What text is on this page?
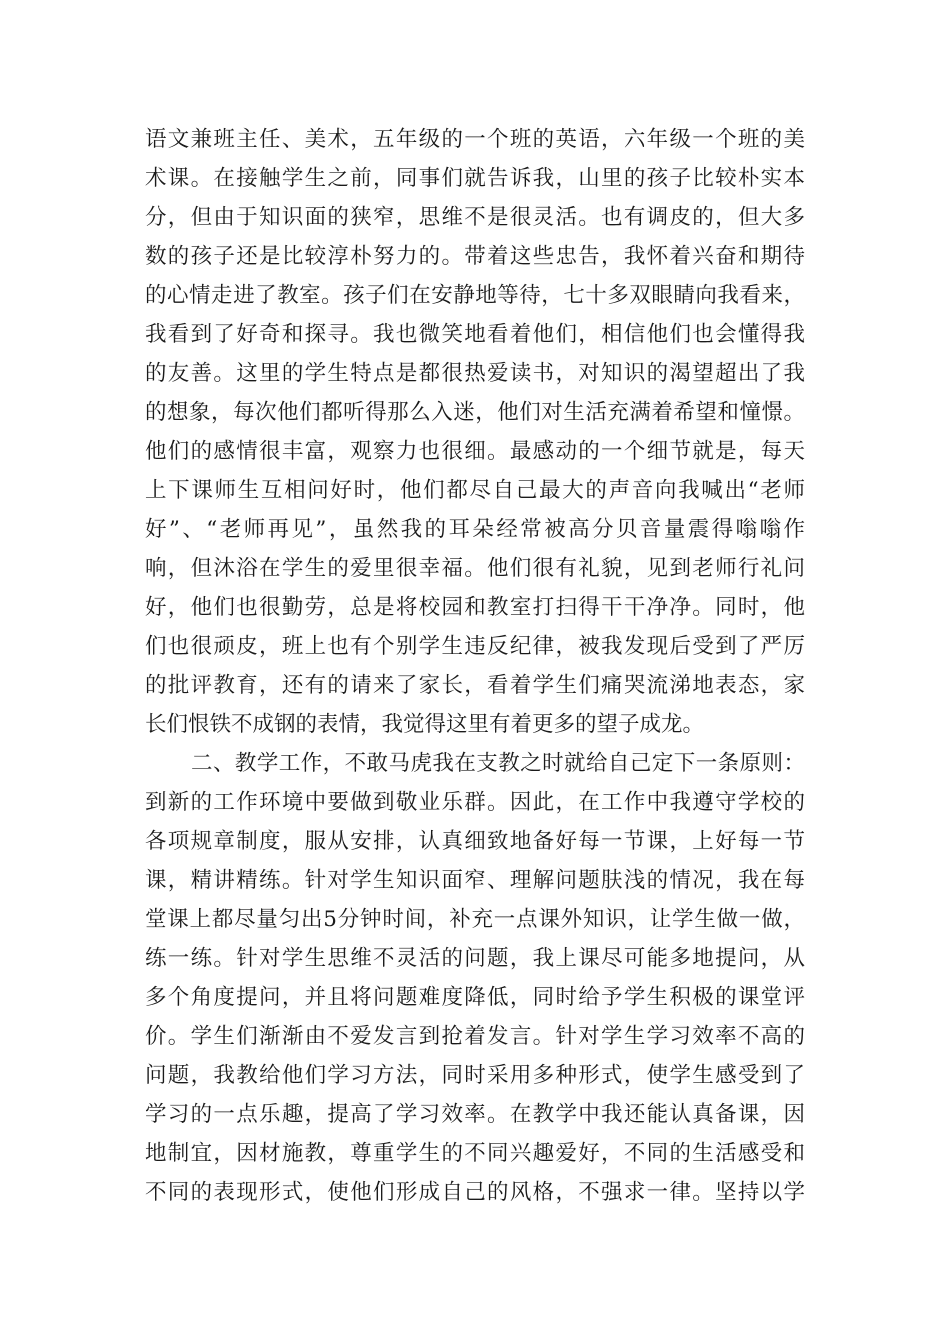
语文兼班主任、美术，五年级的一个班的英语，六年级一个班的美
术课。在接触学生之前，同事们就告诉我，山里的孩子比较朴实本
分，但由于知识面的狭窄，思维不是很灵活。也有调皮的，但大多
数的孩子还是比较淳朴努力的。带着这些忠告，我怀着兴奋和期待
的心情走进了教室。孩子们在安静地等待，七十多双眼睛向我看来，
我看到了好奇和探寻。我也微笑地看着他们，相信他们也会懂得我
的友善。这里的学生特点是都很热爱读书，对知识的渴望超出了我
的想象，每次他们都听得那么入迷，他们对生活充满着希望和憧憬。
他们的感情很丰富，观察力也很细。最感动的一个细节就是，每天
上下课师生互相问好时，他们都尽自己最大的声音向我喊出“老师
好”、“老师再见”，虽然我的耳朵经常被高分贝音量震得嗡嗡作
响，但沐浴在学生的爱里很幸福。他们很有礼貌，见到老师行礼问
好，他们也很勤劳，总是将校园和教室打扫得干干净净。同时，他
们也很顽皮，班上也有个别学生违反纪律，被我发现后受到了严厉
的批评教育，还有的请来了家长，看着学生们痛哭流涕地表态，家
长们恨铁不成钢的表情，我觉得这里有着更多的望子成龙。
二、教学工作，不敢马虎我在支教之时就给自己定下一条原则：
到新的工作环境中要做到敬业乐群。因此，在工作中我遵守学校的
各项规章制度，服从安排，认真细致地备好每一节课，上好每一节
课，精讲精练。针对学生知识面窄、理解问题肤浅的情况，我在每
堂课上都尽量匀出5分钟时间，补充一点课外知识，让学生做一做，
练一练。针对学生思维不灵活的问题，我上课尽可能多地提问，从
多个角度提问，并且将问题难度降低，同时给予学生积极的课堂评
价。学生们渐渐由不爱发言到抢着发言。针对学生学习效率不高的
问题，我教给他们学习方法，同时采用多种形式，使学生感受到了
学习的一点乐趣，提高了学习效率。在教学中我还能认真备课，因
地制宜，因材施教，尊重学生的不同兴趣爱好，不同的生活感受和
不同的表现形式，使他们形成自己的风格，不强求一律。坚持以学
